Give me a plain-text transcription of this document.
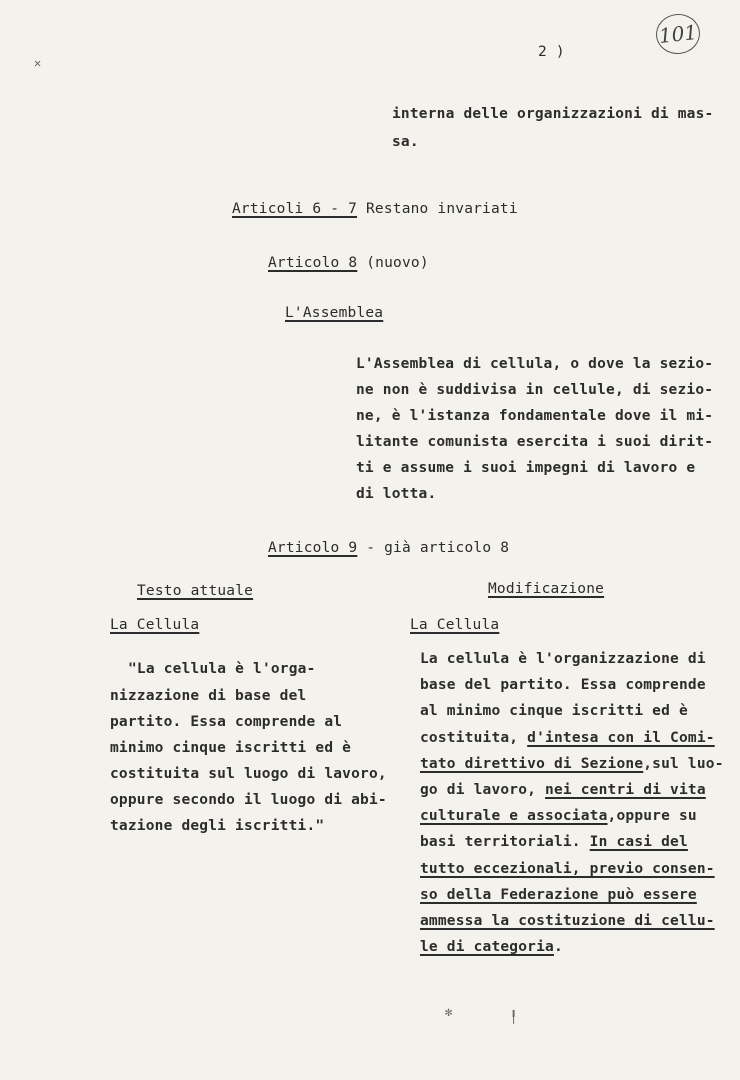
101
✕
2 )
interna delle organizzazioni di mas-
sa.
Articoli 6 - 7 Restano invariati
Articolo 8 (nuovo)
L'Assemblea
L'Assemblea di cellula, o dove la sezio-
ne non è suddivisa in cellule, di sezio-
ne, è l'istanza fondamentale dove il mi-
litante comunista esercita i suoi dirit-
ti e assume i suoi impegni di lavoro e
di lotta.
Articolo 9 - già articolo 8
Testo attuale
La Cellula
"La cellula è l'orga-
nizzazione di base del
partito. Essa comprende al
minimo cinque iscritti ed è
costituita sul luogo di lavoro,
oppure secondo il luogo di abi-
tazione degli iscritti."
Modificazione
La Cellula
La cellula è l'organizzazione di
base del partito. Essa comprende
al minimo cinque iscritti ed è
costituita, d'intesa con il Comi-
tato direttivo di Sezione,sul luo-
go di lavoro, nei centri di vita
culturale e associata,oppure su
basi territoriali. In casi del
tutto eccezionali, previo consen-
so della Federazione può essere
ammessa la costituzione di cellu-
le di categoria.
✻	╿
